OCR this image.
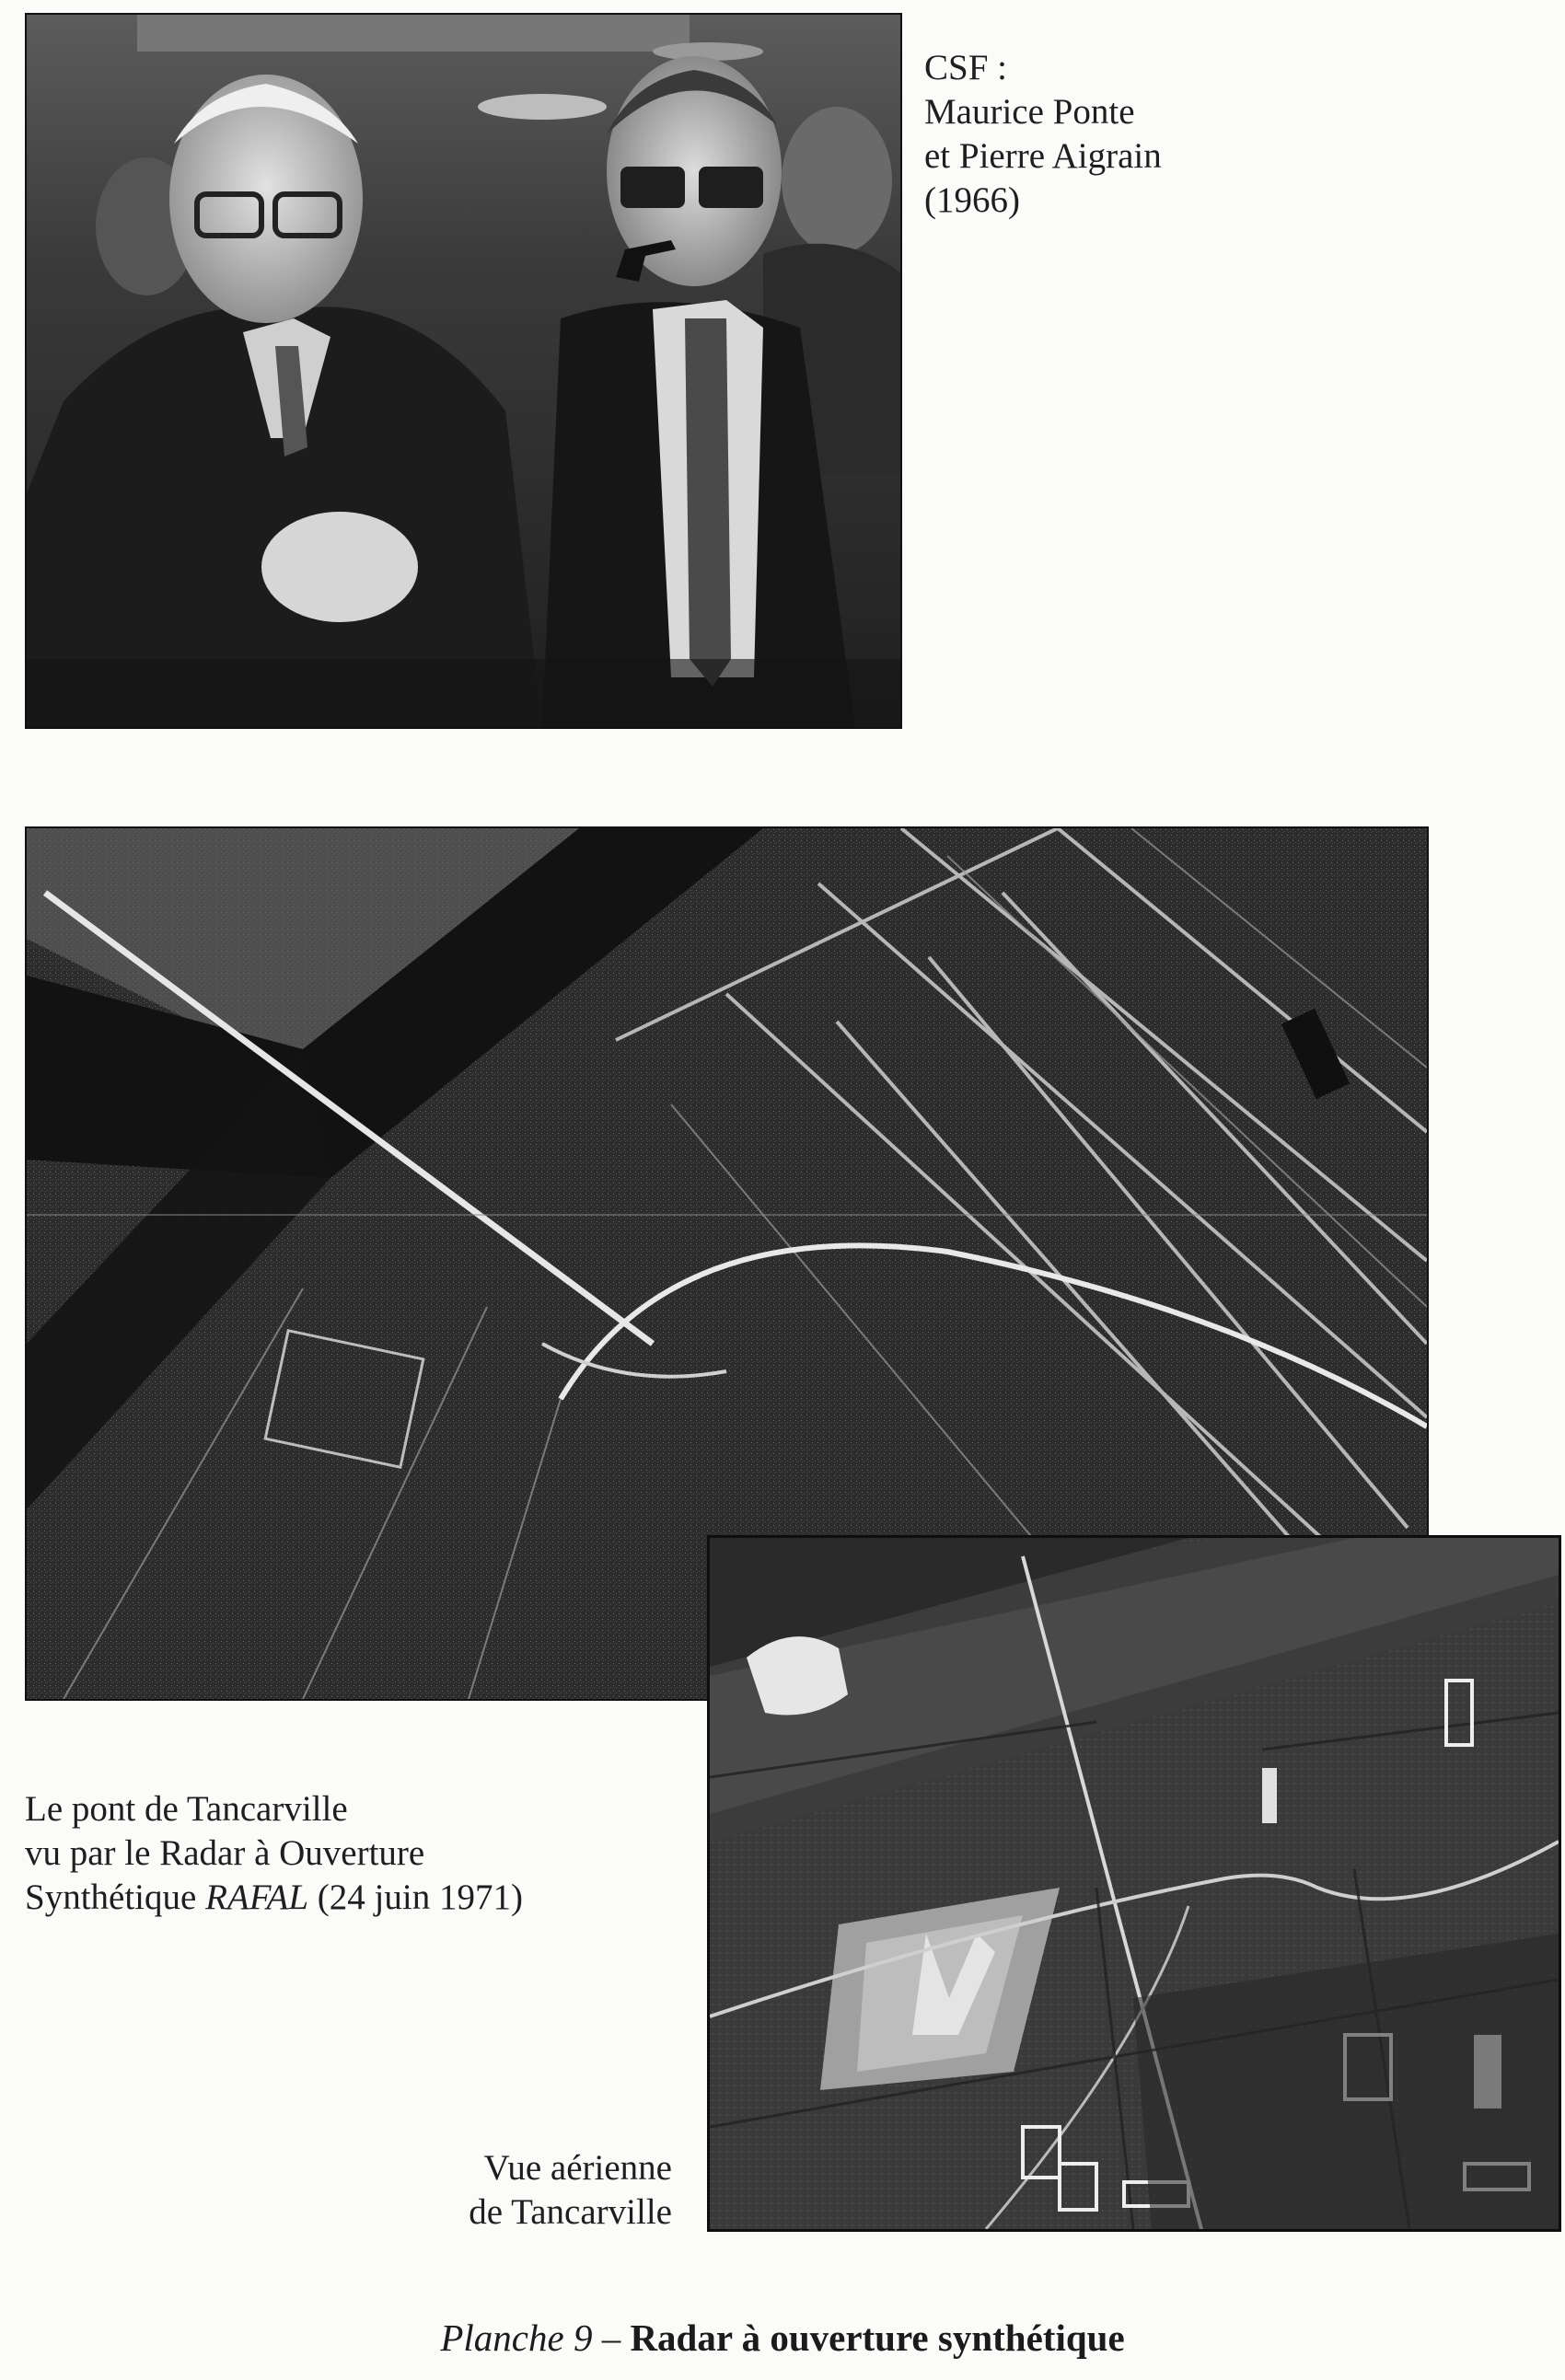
CSF :
Maurice Ponte
et Pierre Aigrain
(1966)
Le pont de Tancarville
vu par le Radar à Ouverture
Synthétique RAFAL (24 juin 1971)
Vue aérienne
de Tancarville
Planche 9 – Radar à ouverture synthétique
